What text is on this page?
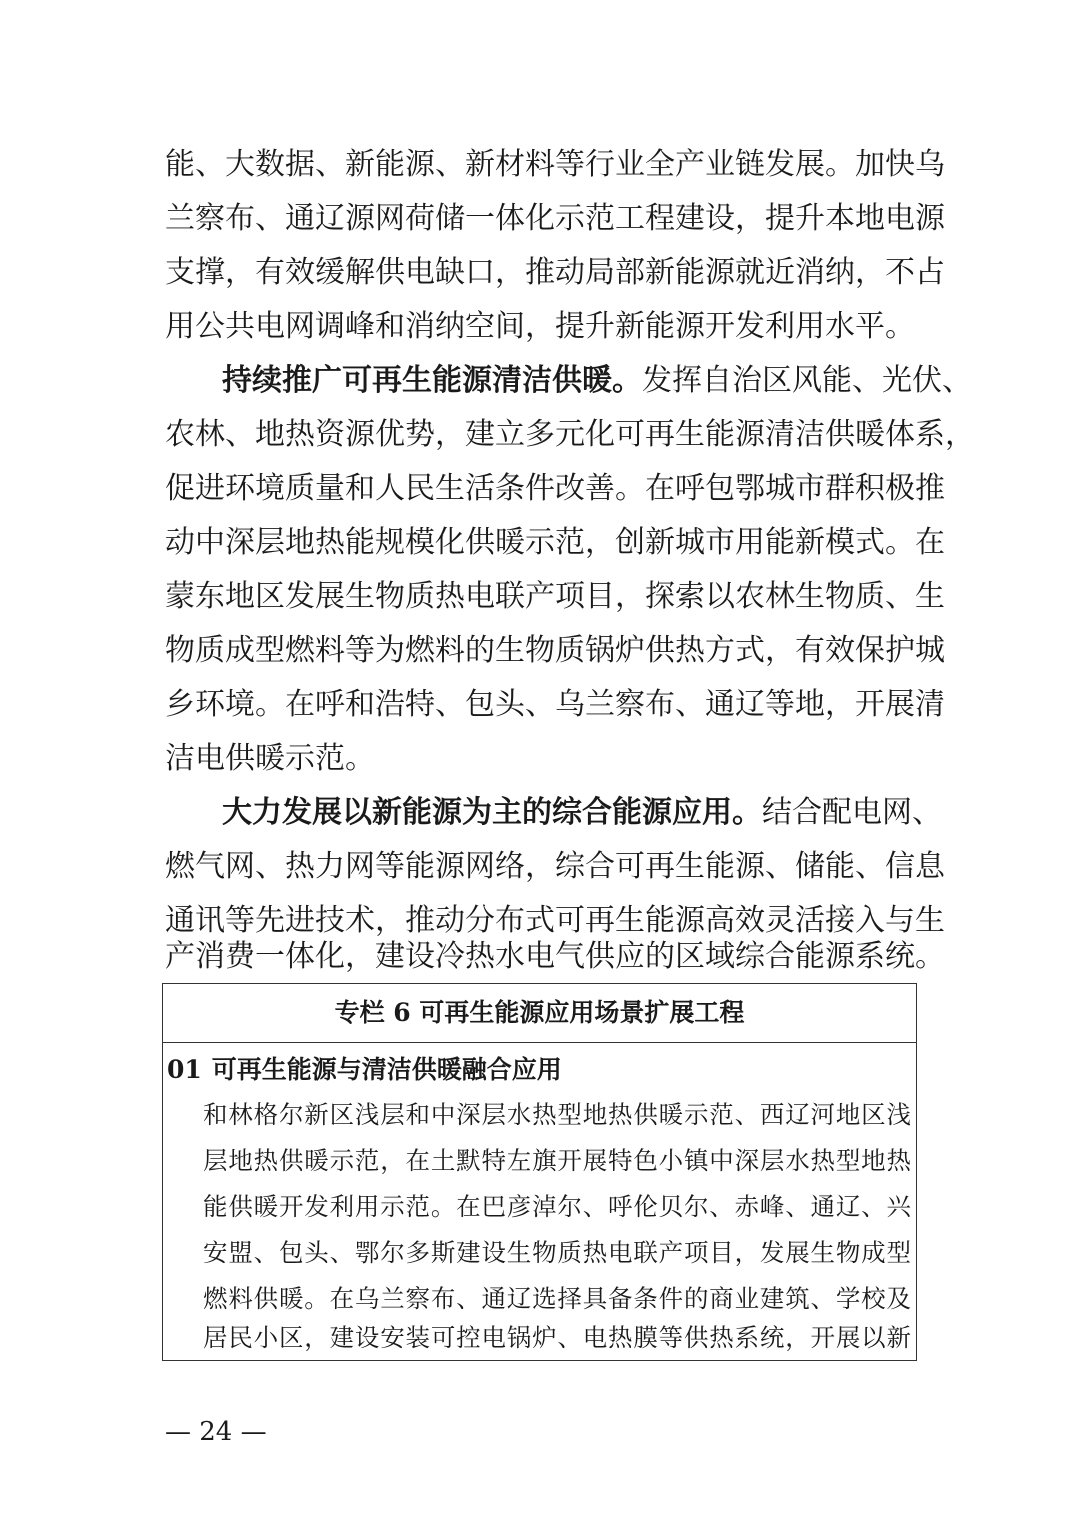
能、大数据、新能源、新材料等行业全产业链发展。加快乌
兰察布、通辽源网荷储一体化示范工程建设，提升本地电源
支撑，有效缓解供电缺口，推动局部新能源就近消纳，不占
用公共电网调峰和消纳空间，提升新能源开发利用水平。
持续推广可再生能源清洁供暖。发挥自治区风能、光伏、
农林、地热资源优势，建立多元化可再生能源清洁供暖体系，
促进环境质量和人民生活条件改善。在呼包鄂城市群积极推
动中深层地热能规模化供暖示范，创新城市用能新模式。在
蒙东地区发展生物质热电联产项目，探索以农林生物质、生
物质成型燃料等为燃料的生物质锅炉供热方式，有效保护城
乡环境。在呼和浩特、包头、乌兰察布、通辽等地，开展清
洁电供暖示范。
大力发展以新能源为主的综合能源应用。结合配电网、
燃气网、热力网等能源网络，综合可再生能源、储能、信息
通讯等先进技术，推动分布式可再生能源高效灵活接入与生
产消费一体化，建设冷热水电气供应的区域综合能源系统。
专栏 6 可再生能源应用场景扩展工程
01 可再生能源与清洁供暖融合应用
和林格尔新区浅层和中深层水热型地热供暖示范、西辽河地区浅
层地热供暖示范，在土默特左旗开展特色小镇中深层水热型地热
能供暖开发利用示范。在巴彦淖尔、呼伦贝尔、赤峰、通辽、兴
安盟、包头、鄂尔多斯建设生物质热电联产项目，发展生物成型
燃料供暖。在乌兰察布、通辽选择具备条件的商业建筑、学校及
居民小区，建设安装可控电锅炉、电热膜等供热系统，开展以新
— 24 —
